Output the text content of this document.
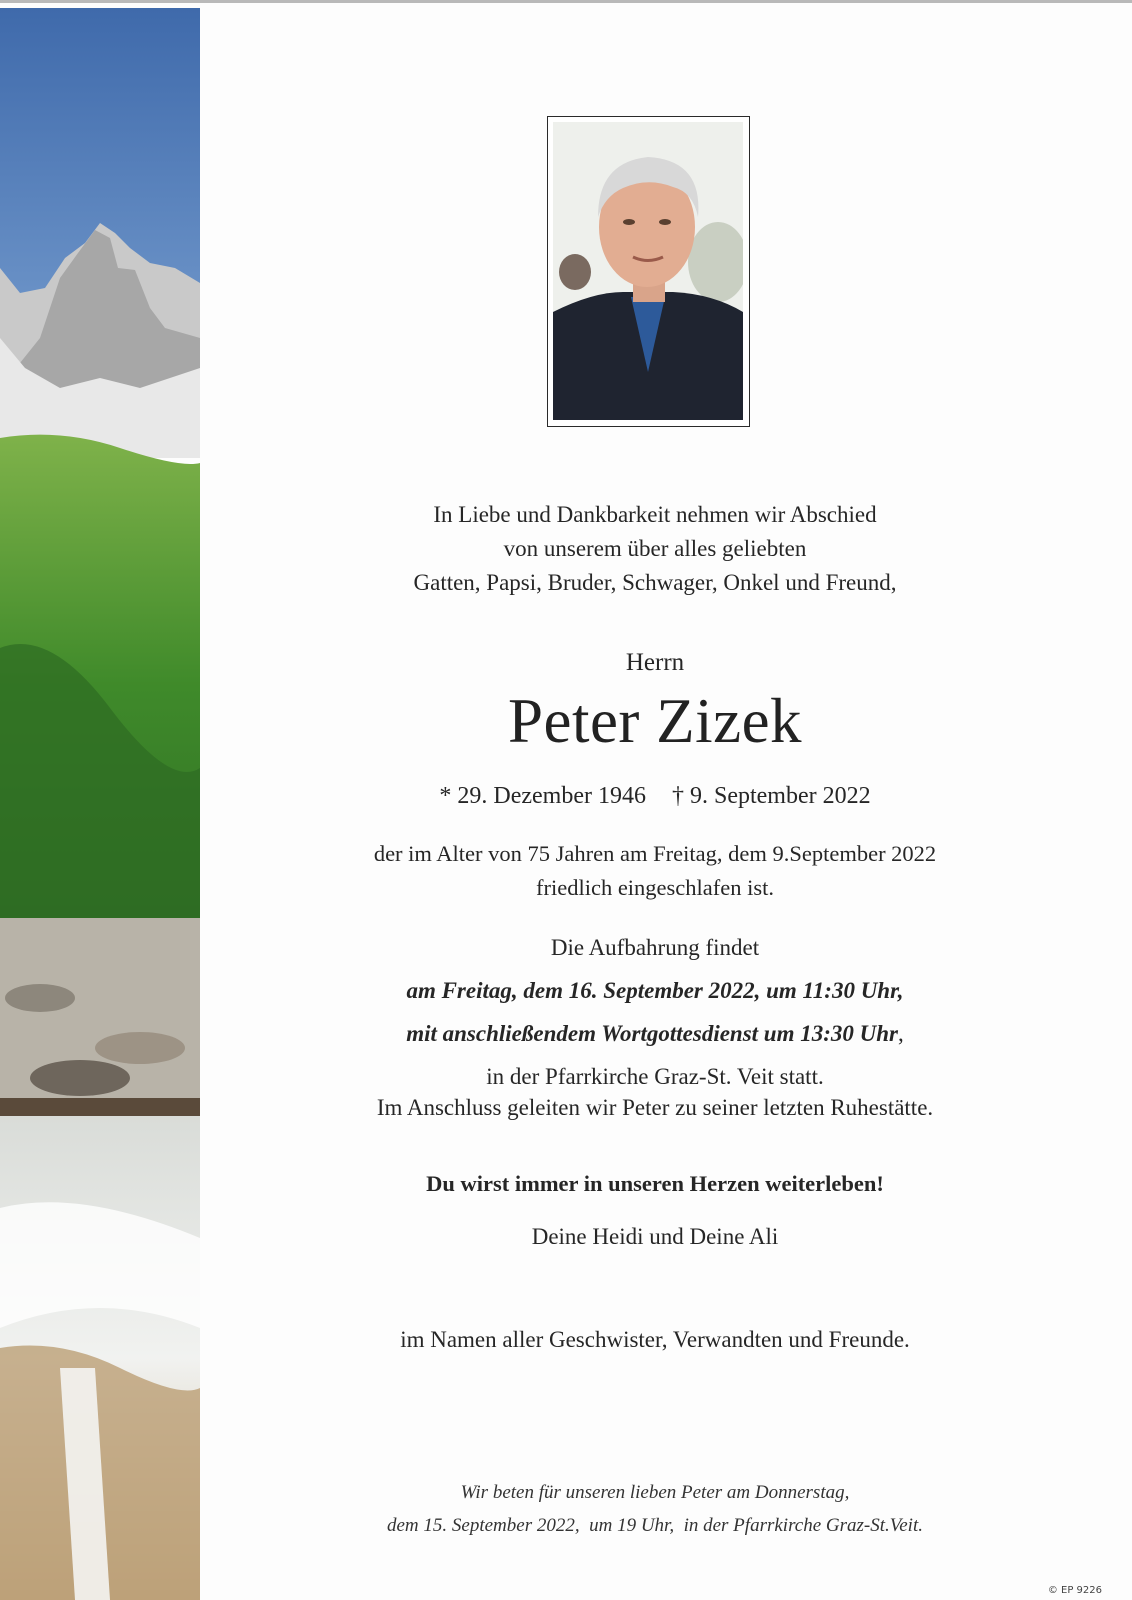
In Liebe und Dankbarkeit nehmen wir Abschied
von unserem über alles geliebten
Gatten, Papsi, Bruder, Schwager, Onkel und Freund,
Herrn
Peter Zizek
* 29. Dezember 1946 † 9. September 2022
der im Alter von 75 Jahren am Freitag, dem 9.September 2022
friedlich eingeschlafen ist.
Die Aufbahrung findet
am Freitag, dem 16. September 2022, um 11:30 Uhr,
mit anschließendem Wortgottesdienst um 13:30 Uhr,
in der Pfarrkirche Graz-St. Veit statt.
Im Anschluss geleiten wir Peter zu seiner letzten Ruhestätte.
Du wirst immer in unseren Herzen weiterleben!
Deine Heidi und Deine Ali
im Namen aller Geschwister, Verwandten und Freunde.
Wir beten für unseren lieben Peter am Donnerstag,
dem 15. September 2022,  um 19 Uhr,  in der Pfarrkirche Graz-St.Veit.
© EP 9226
